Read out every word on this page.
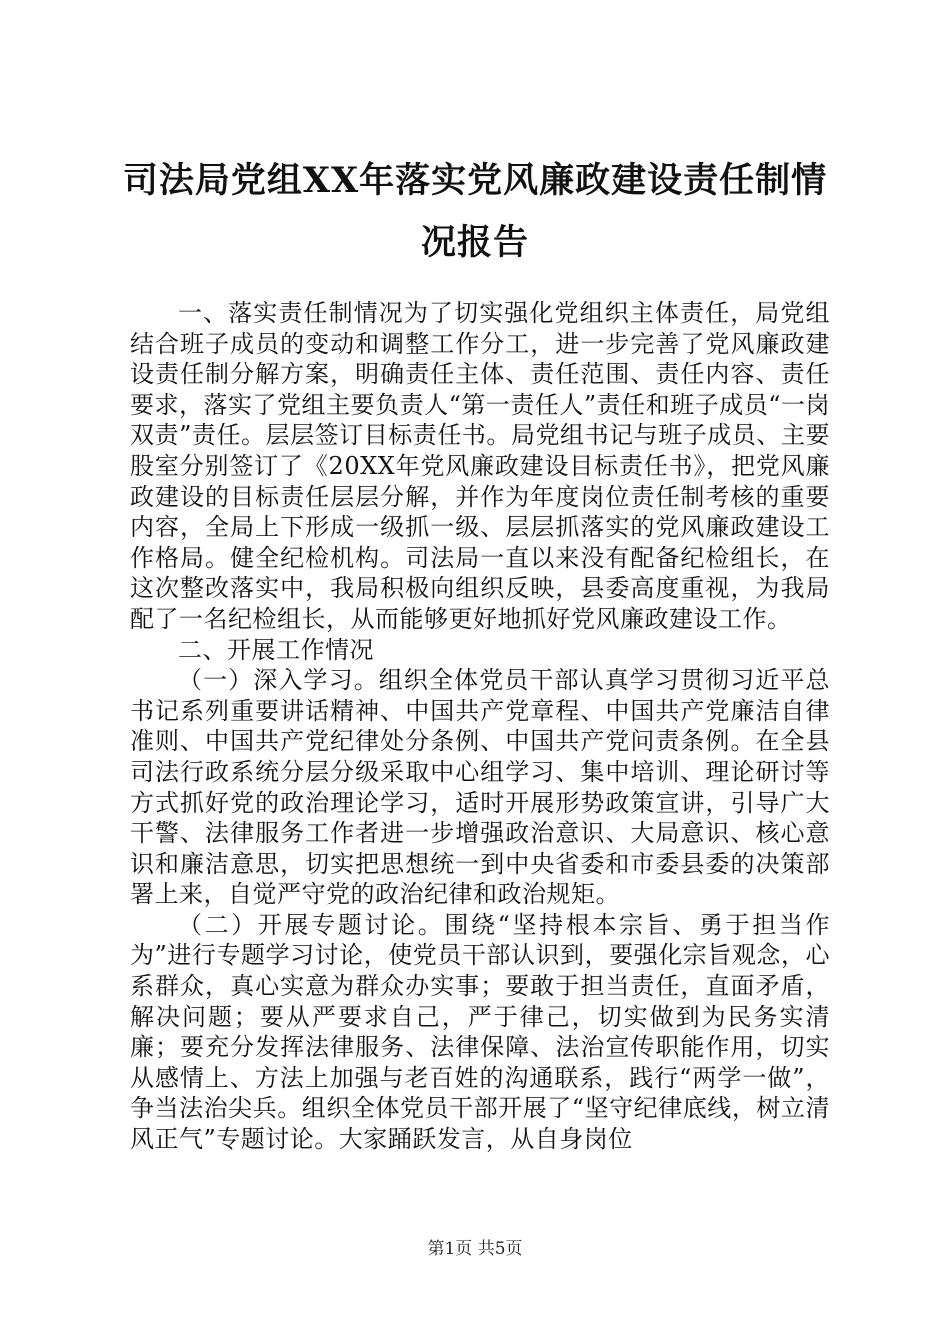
司法局党组XX年落实党风廉政建设责任制情
况报告

一、落实责任制情况为了切实强化党组织主体责任，局党组结合班子成员的变动和调整工作分工，进一步完善了党风廉政建设责任制分解方案，明确责任主体、责任范围、责任内容、责任要求，落实了党组主要负责人“第一责任人”责任和班子成员“一岗双责”责任。层层签订目标责任书。局党组书记与班子成员、主要股室分别签订了《20XX年党风廉政建设目标责任书》，把党风廉政建设的目标责任层层分解，并作为年度岗位责任制考核的重要内容，全局上下形成一级抓一级、层层抓落实的党风廉政建设工作格局。健全纪检机构。司法局一直以来没有配备纪检组长，在这次整改落实中，我局积极向组织反映，县委高度重视，为我局配了一名纪检组长，从而能够更好地抓好党风廉政建设工作。

二、开展工作情况

（一）深入学习。组织全体党员干部认真学习贯彻习近平总书记系列重要讲话精神、中国共产党章程、中国共产党廉洁自律准则、中国共产党纪律处分条例、中国共产党问责条例。在全县司法行政系统分层分级采取中心组学习、集中培训、理论研讨等方式抓好党的政治理论学习，适时开展形势政策宣讲，引导广大干警、法律服务工作者进一步增强政治意识、大局意识、核心意识和廉洁意思，切实把思想统一到中央省委和市委县委的决策部署上来，自觉严守党的政治纪律和政治规矩。

（二）开展专题讨论。围绕“坚持根本宗旨、勇于担当作为”进行专题学习讨论，使党员干部认识到，要强化宗旨观念，心系群众，真心实意为群众办实事；要敢于担当责任，直面矛盾，解决问题；要从严要求自己，严于律己，切实做到为民务实清廉；要充分发挥法律服务、法律保障、法治宣传职能作用，切实从感情上、方法上加强与老百姓的沟通联系，践行“两学一做”，争当法治尖兵。组织全体党员干部开展了“坚守纪律底线，树立清风正气”专题讨论。大家踊跃发言，从自身岗位

第1页 共5页
